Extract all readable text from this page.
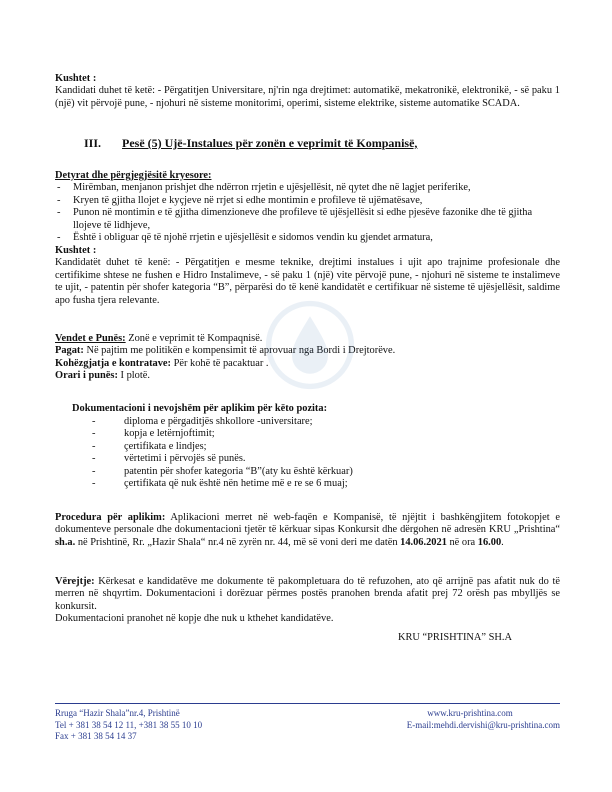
Kushtet :

Kandidati duhet të ketë: - Përgatitjen Universitare, nj'rin nga drejtimet: automatikë, mekatronikë, elektronikë, - së paku 1 (një) vit përvojë pune, - njohuri në sisteme monitorimi, operimi, sisteme elektrike, sisteme automatike SCADA.

III. Pesë (5) Ujë-Instalues për zonën e veprimit të Kompanisë,

Detyrat dhe përgjegjësitë kryesore:

- Mirëmban, menjanon prishjet dhe ndërron rrjetin e ujësjellësit, në qytet dhe në lagjet periferike,
- Kryen të gjitha llojet e kyçjeve në rrjet si edhe montimin e profileve të ujëmatësave,
- Punon në montimin e të gjitha dimenzioneve dhe profileve të ujësjellësit si edhe pjesëve fazonike dhe të gjitha llojeve të lidhjeve,
- Është i obliguar që të njohë rrjetin e ujësjellësit e sidomos vendin ku gjendet armatura,

Kushtet :

Kandidatët duhet të kenë: - Përgatitjen e mesme teknike, drejtimi instalues i ujit apo trajnime profesionale dhe certifikime shtese ne fushen e Hidro Instalimeve, - së paku 1 (një) vite përvojë pune, - njohuri në sisteme te instalimeve te ujit, - patentin për shofer kategoria “B”, përparësi do të kenë kandidatët e certifikuar në sisteme të ujësjellësit, saldime apo fusha tjera relevante.

Vendet e Punës: Zonë e veprimit të Kompaqnisë.

Pagat: Në pajtim me politikën e kompensimit të aprovuar nga Bordi i Drejtorëve.

Kohëzgjatja e kontratave: Për kohë të pacaktuar .

Orari i punës: I plotë.

Dokumentacioni i nevojshëm për aplikim për këto pozita:

- diploma e përgaditjës shkollore -universitare;
- kopja e letërnjoftimit;
- çertifikata e lindjes;
- vërtetimi i përvojës së punës.
- patentin për shofer kategoria “B”(aty ku është kërkuar)
- çertifikata që nuk është nën hetime më e re se 6 muaj;

Procedura për aplikim: Aplikacioni merret në web-faqën e Kompanisë, të njëjtit i bashkëngjitem fotokopjet e dokumenteve personale dhe dokumentacioni tjetër të kërkuar sipas Konkursit dhe dërgohen në adresën KRU „Prishtina“ sh.a. në Prishtinë, Rr. „Hazir Shala“ nr.4 në zyrën nr. 44, më së voni deri me datën 14.06.2021 në ora 16.00.

Vërejtje: Kërkesat e kandidatëve me dokumente të pakompletuara do të refuzohen, ato që arrijnë pas afatit nuk do të merren në shqyrtim. Dokumentacioni i dorëzuar përmes postës pranohen brenda afatit prej 72 orësh pas mbylljës se konkursit.

Dokumentacioni pranohet në kopje dhe nuk u kthehet kandidatëve.

KRU “PRISHTINA” SH.A
Rruga “Hazir Shala”nr.4, Prishtinë
Tel + 381 38 54 12 11, +381 38 55 10 10
Fax + 381 38 54 14 37
www.kru-prishtina.com
E-mail:mehdi.dervishi@kru-prishtina.com
